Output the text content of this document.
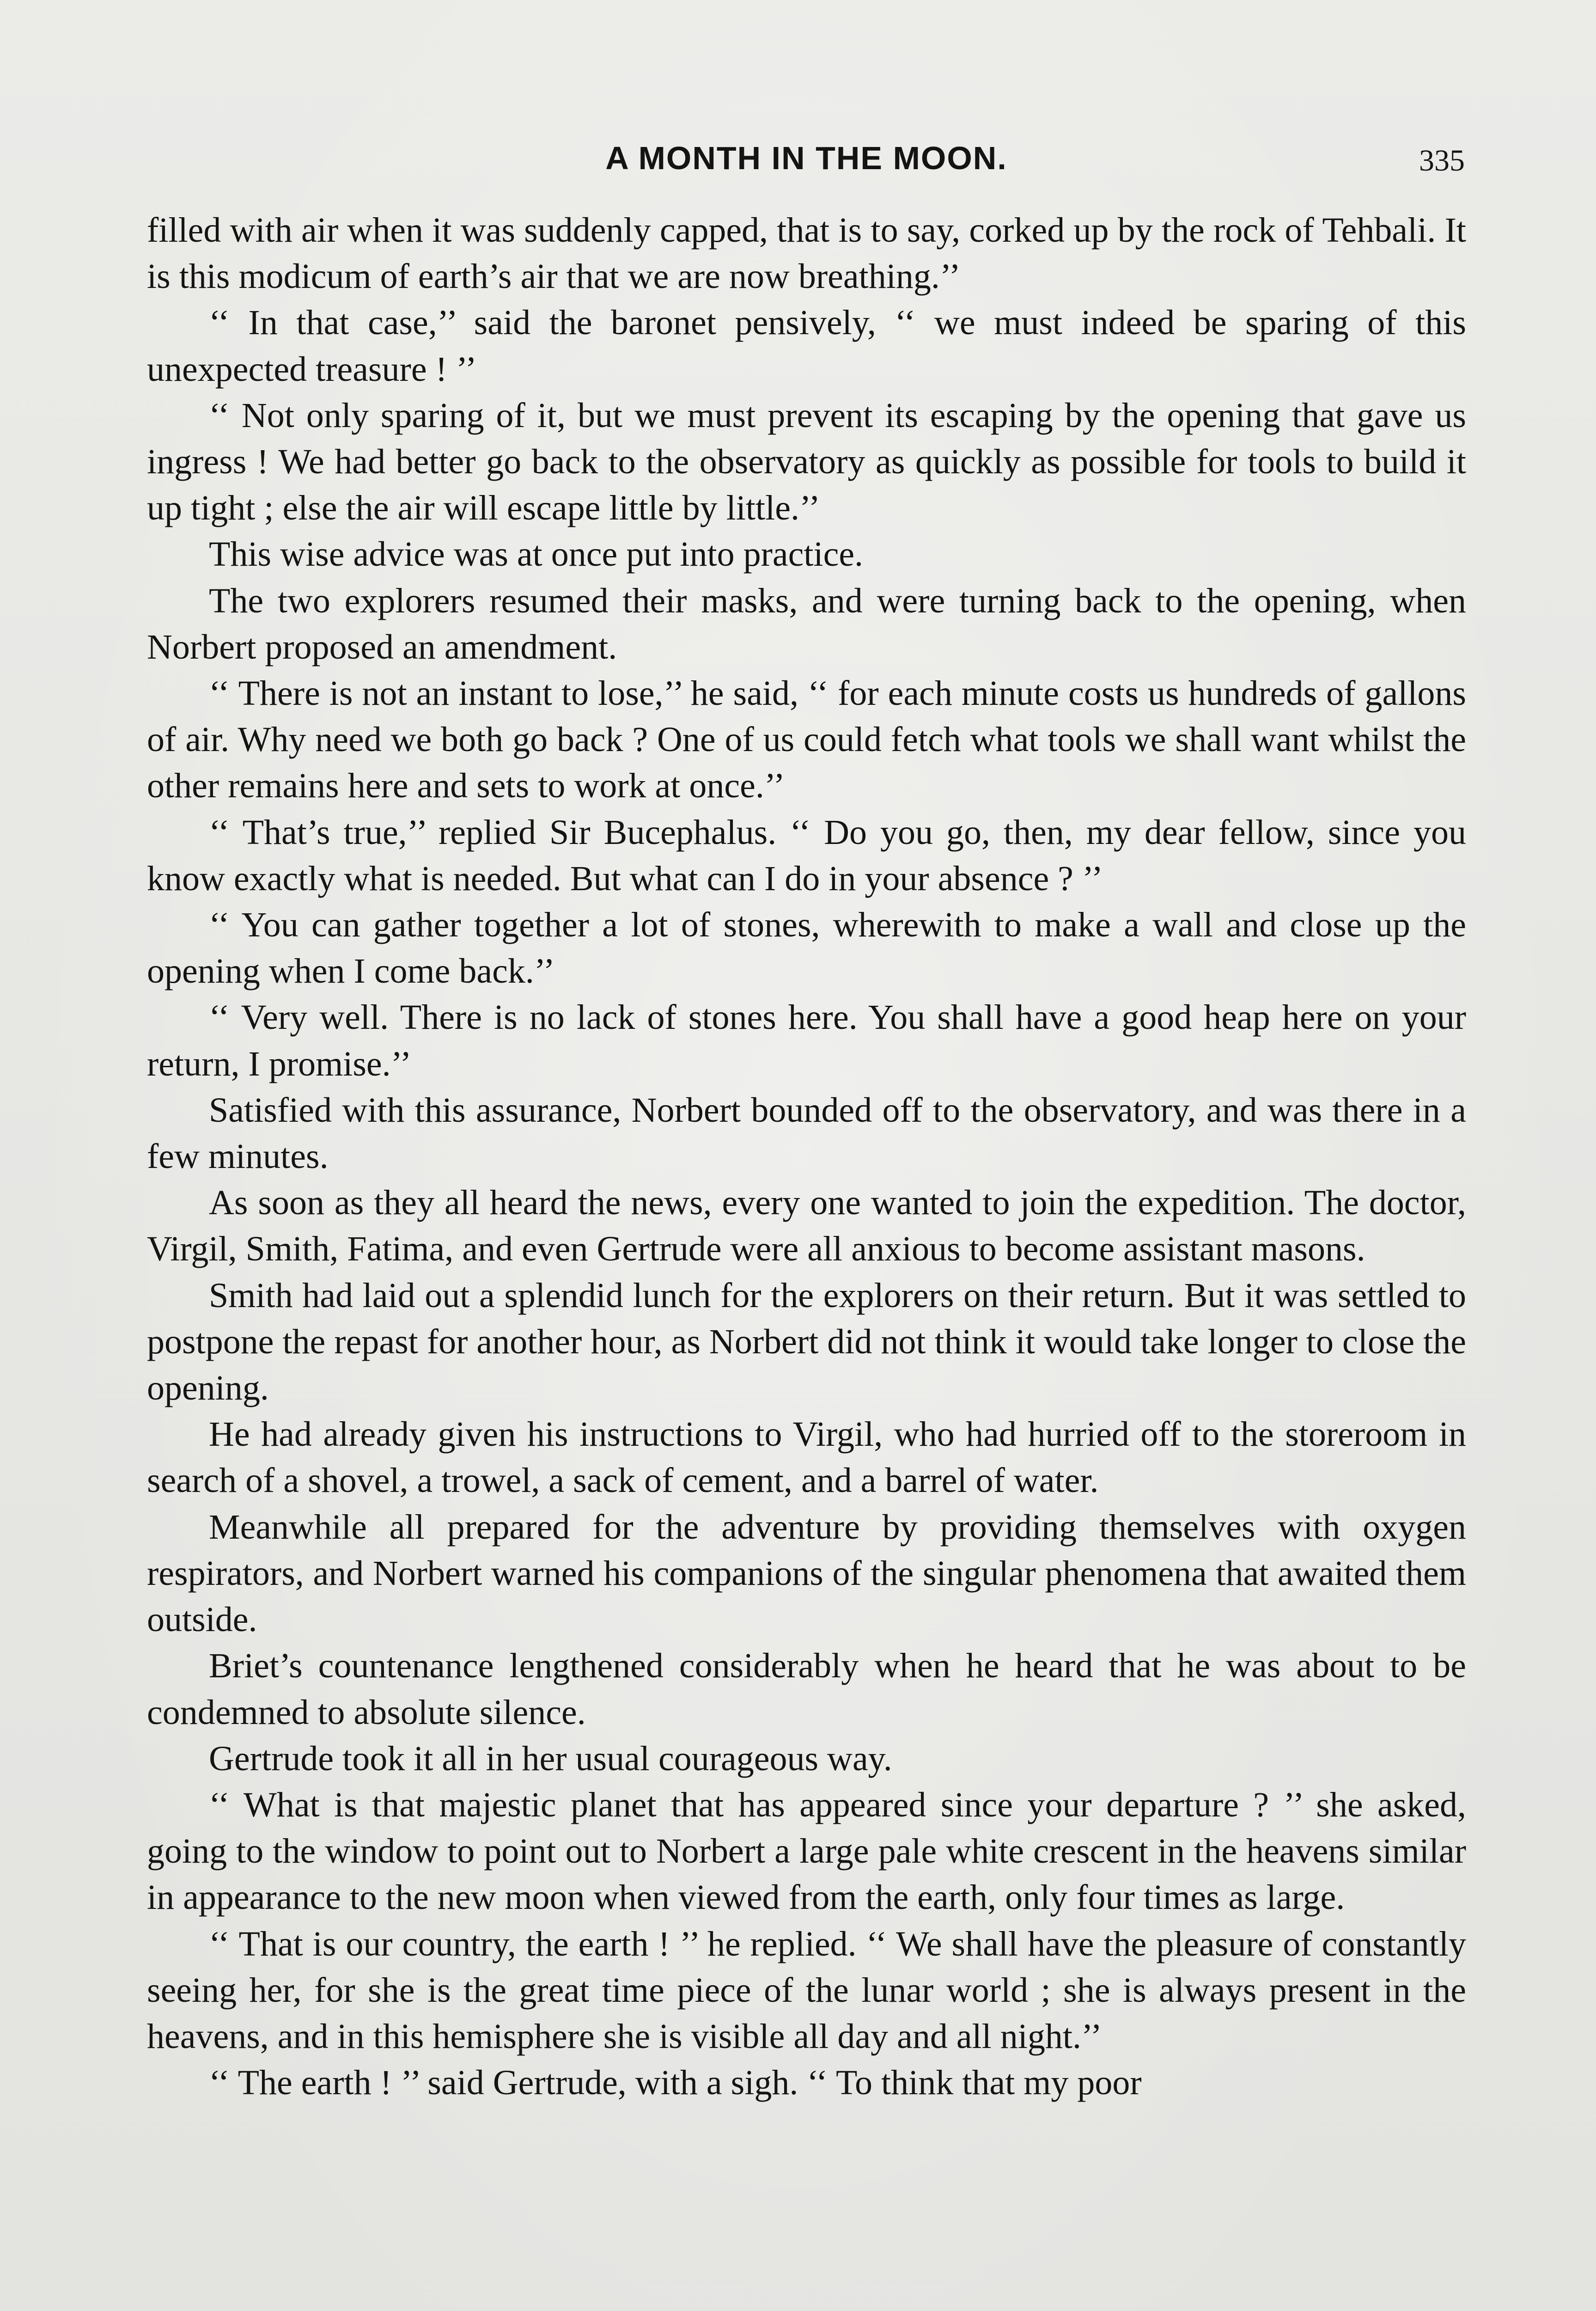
A MONTH IN THE MOON.	335

filled with air when it was suddenly capped, that is to say, corked up by the rock of Tehbali. It is this modicum of earth’s air that we are now breathing.’’

‘‘ In that case,’’ said the baronet pensively, ‘‘ we must indeed be sparing of this unexpected treasure ! ’’

‘‘ Not only sparing of it, but we must prevent its escaping by the opening that gave us ingress ! We had better go back to the observatory as quickly as possible for tools to build it up tight ; else the air will escape little by little.’’

This wise advice was at once put into practice.

The two explorers resumed their masks, and were turning back to the opening, when Norbert proposed an amendment.

‘‘ There is not an instant to lose,’’ he said, ‘‘ for each minute costs us hundreds of gallons of air. Why need we both go back ? One of us could fetch what tools we shall want whilst the other remains here and sets to work at once.’’

‘‘ That’s true,’’ replied Sir Bucephalus. ‘‘ Do you go, then, my dear fellow, since you know exactly what is needed. But what can I do in your absence ? ’’

‘‘ You can gather together a lot of stones, wherewith to make a wall and close up the opening when I come back.’’

‘‘ Very well. There is no lack of stones here. You shall have a good heap here on your return, I promise.’’

Satisfied with this assurance, Norbert bounded off to the observatory, and was there in a few minutes.

As soon as they all heard the news, every one wanted to join the expedition. The doctor, Virgil, Smith, Fatima, and even Gertrude were all anxious to become assistant masons.

Smith had laid out a splendid lunch for the explorers on their return. But it was settled to postpone the repast for another hour, as Norbert did not think it would take longer to close the opening.

He had already given his instructions to Virgil, who had hurried off to the storeroom in search of a shovel, a trowel, a sack of cement, and a barrel of water.

Meanwhile all prepared for the adventure by providing themselves with oxygen respirators, and Norbert warned his companions of the singular phenomena that awaited them outside.

Briet’s countenance lengthened considerably when he heard that he was about to be condemned to absolute silence.

Gertrude took it all in her usual courageous way.

‘‘ What is that majestic planet that has appeared since your departure ? ’’ she asked, going to the window to point out to Norbert a large pale white crescent in the heavens similar in appearance to the new moon when viewed from the earth, only four times as large.

‘‘ That is our country, the earth ! ’’ he replied. ‘‘ We shall have the pleasure of constantly seeing her, for she is the great time piece of the lunar world ; she is always present in the heavens, and in this hemisphere she is visible all day and all night.’’

‘‘ The earth ! ’’ said Gertrude, with a sigh. ‘‘ To think that my poor
